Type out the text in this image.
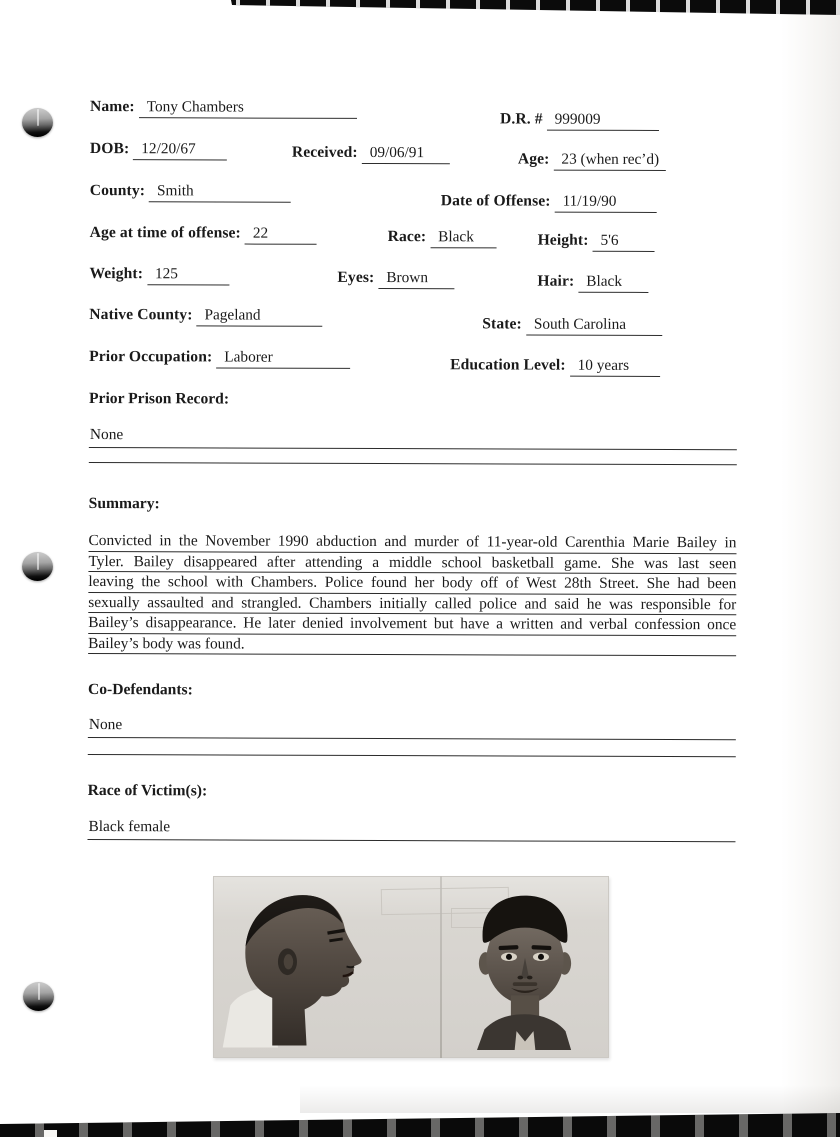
Name: Tony Chambers
D.R. # 999009
DOB: 12/20/67	Received: 09/06/91	Age: 23 (when rec’d)
County: Smith
Date of Offense: 11/19/90
Age at time of offense: 22	Race: Black	Height: 5'6
Weight: 125	Eyes: Brown	Hair: Black
Native County: Pageland
State: South Carolina
Prior Occupation: Laborer	Education Level: 10 years
Prior Prison Record:
None
Summary:
Convicted in the November 1990 abduction and murder of 11-year-old Carenthia Marie Bailey in
Tyler. Bailey disappeared after attending a middle school basketball game. She was last seen
leaving the school with Chambers. Police found her body off of West 28th Street. She had been
sexually assaulted and strangled. Chambers initially called police and said he was responsible for
Bailey’s disappearance. He later denied involvement but have a written and verbal confession once
Bailey’s body was found.
Co-Defendants:
None
Race of Victim(s):
Black female
